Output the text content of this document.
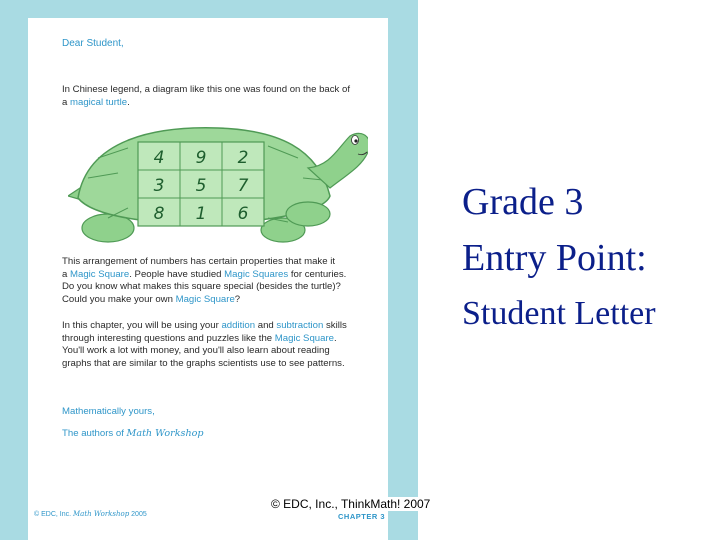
Dear Student,
In Chinese legend, a diagram like this one was found on the back of
a magical turtle.
4 9 2
3 5 7
8 1 6
This arrangement of numbers has certain properties that make it
a Magic Square. People have studied Magic Squares for centuries.
Do you know what makes this square special (besides the turtle)?
Could you make your own Magic Square?
In this chapter, you will be using your addition and subtraction skills
through interesting questions and puzzles like the Magic Square.
You'll work a lot with money, and you'll also learn about reading
graphs that are similar to the graphs scientists use to see patterns.
Mathematically yours,
The authors of Math Workshop
© EDC, Inc. Math Workshop 2005	CHAPTER 3
© EDC, Inc., ThinkMath! 2007
Grade 3
Entry Point:
Student Letter
